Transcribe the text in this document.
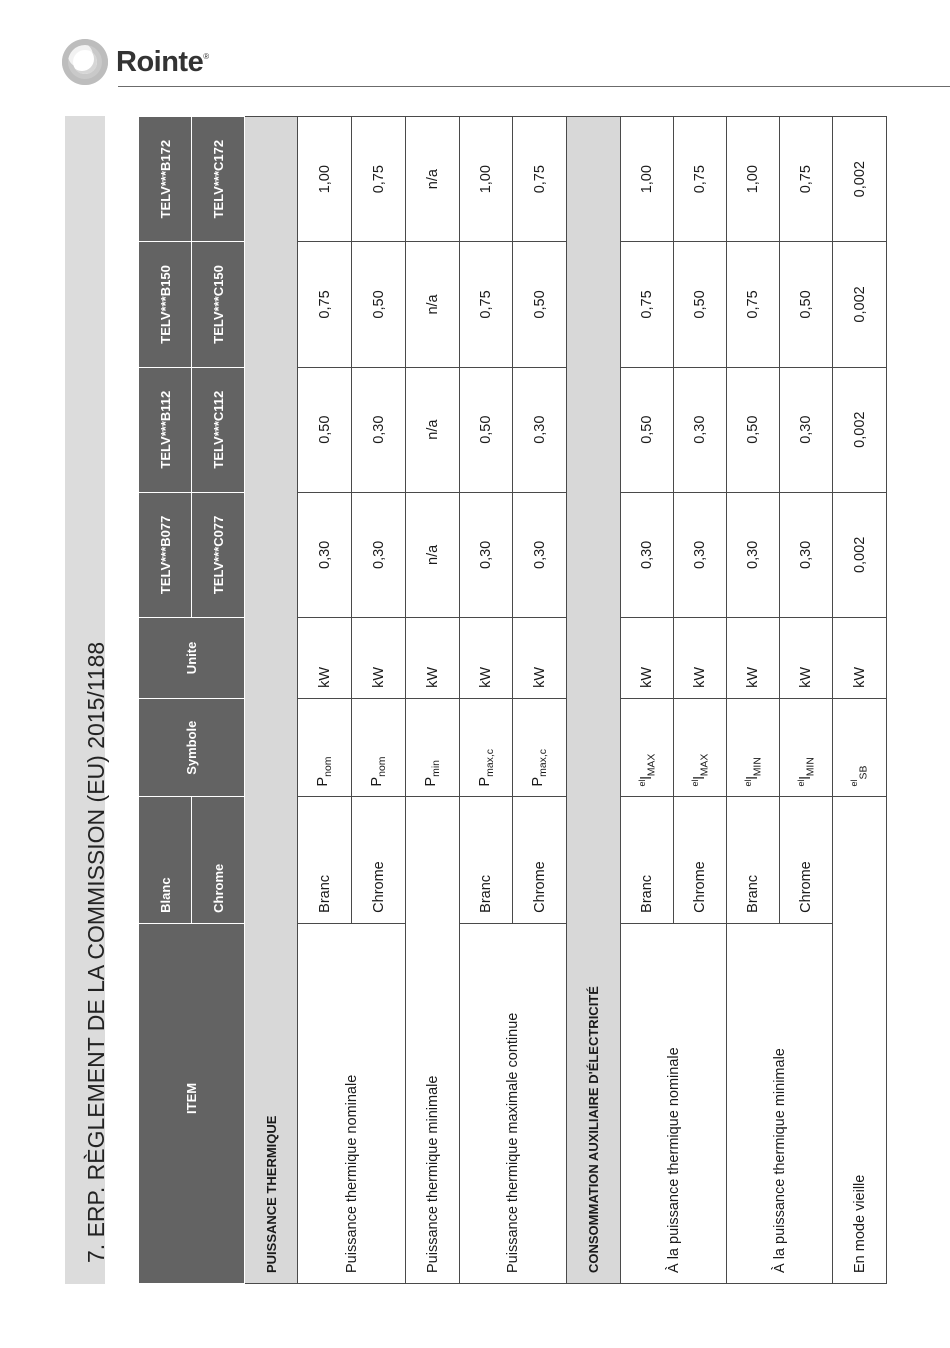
Rointe®
7. ERP. RÈGLEMENT DE LA COMMISSION (EU) 2015/1188	ITEM	Blanc	Symbole	Unite	TELV***B077	TELV***B112	TELV***B150	TELV***B172
	Chrome			TELV***C077	TELV***C112	TELV***C150	TELV***C172
PUISSANCE THERMIQUE							
Puissance thermique nominale	Branc	$P_{nom}$	kW	0,30	0,50	0,75	1,00
	Chrome	$P_{nom}$	kW	0,30	0,30	0,50	0,75
Puissance thermique minimale		$P_{min}$	kW	n/a	n/a	n/a	n/a
Puissance thermique maximale continue	Branc	$P_{max,c}$	kW	0,30	0,50	0,75	1,00
	Chrome	$P_{max,c}$	kW	0,30	0,30	0,50	0,75
CONSOMMATION AUXILIAIRE D'ÉLECTRICITÉ							
À la puissance thermique nominale	Branc	$^{el}l_{MAX}$	kW	0,30	0,50	0,75	1,00
	Chrome	$^{el}l_{MAX}$	kW	0,30	0,30	0,50	0,75
À la puissance thermique minimale	Branc	$^{el}l_{MIN}$	kW	0,30	0,50	0,75	1,00
	Chrome	$^{el}l_{MIN}$	kW	0,30	0,30	0,50	0,75
En mode vieille		$^{el}_{SB}$	kW	0,002	0,002	0,002	0,002
